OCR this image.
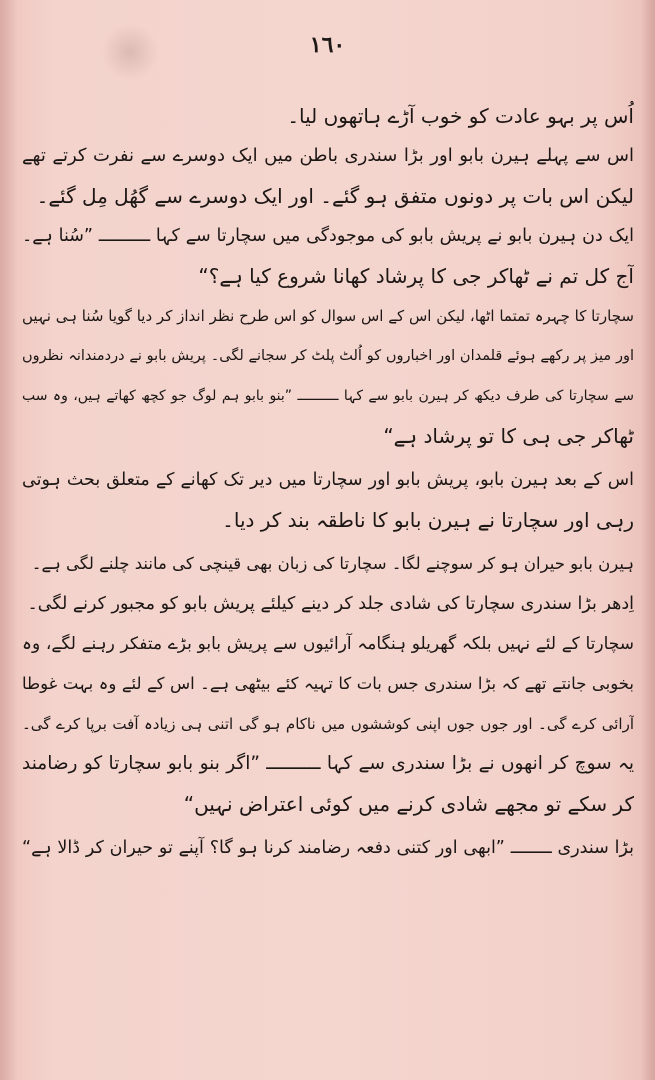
١٦٠
اُس پر بہو عادت کو خوب آڑے ہاتھوں لیا۔
اس سے پہلے ہیرن بابو اور بڑا سندری باطن میں ایک دوسرے سے نفرت کرتے تھے
لیکن اس بات پر دونوں متفق ہو گئے۔ اور ایک دوسرے سے گھُل مِل گئے۔
ایک دن ہیرن بابو نے پریش بابو کی موجودگی میں سچارتا سے کہا ــــــــــ ”سُنا ہے۔
آج کل تم نے ٹھاکر جی کا پرشاد کھانا شروع کیا ہے؟“
سچارتا کا چہرہ تمتما اٹھا، لیکن اس کے اس سوال کو اس طرح نظر انداز کر دیا گویا سُنا ہی نہیں
اور میز پر رکھے ہوئے قلمدان اور اخباروں کو اُلٹ پلٹ کر سجانے لگی۔ پریش بابو نے دردمندانہ نظروں
سے سچارتا کی طرف دیکھ کر ہیرن بابو سے کہا ــــــــــ ”بنو بابو ہم لوگ جو کچھ کھاتے ہیں، وہ سب
ٹھاکر جی ہی کا تو پرشاد ہے“
اس کے بعد ہیرن بابو، پریش بابو اور سچارتا میں دیر تک کھانے کے متعلق بحث ہوتی
رہی اور سچارتا نے ہیرن بابو کا ناطقہ بند کر دیا۔
ہیرن بابو حیران ہو کر سوچنے لگا۔ سچارتا کی زبان بھی قینچی کی مانند چلنے لگی ہے۔
اِدھر بڑا سندری سچارتا کی شادی جلد کر دینے کیلئے پریش بابو کو مجبور کرنے لگی۔
سچارتا کے لئے نہیں بلکہ گھریلو ہنگامہ آرائیوں سے پریش بابو بڑے متفکر رہنے لگے، وہ
بخوبی جانتے تھے کہ بڑا سندری جس بات کا تہیہ کئے بیٹھی ہے۔ اس کے لئے وہ بہت غوطا
آرائی کرے گی۔ اور جوں جوں اپنی کوششوں میں ناکام ہو گی اتنی ہی زیادہ آفت برپا کرے گی۔
یہ سوچ کر انھوں نے بڑا سندری سے کہا ــــــــــ ”اگر بنو بابو سچارتا کو رضامند
کر سکے تو مجھے شادی کرنے میں کوئی اعتراض نہیں“
بڑا سندری ــــــــ ”ابھی اور کتنی دفعہ رضامند کرنا ہو گا؟ آپنے تو حیران کر ڈالا ہے“
